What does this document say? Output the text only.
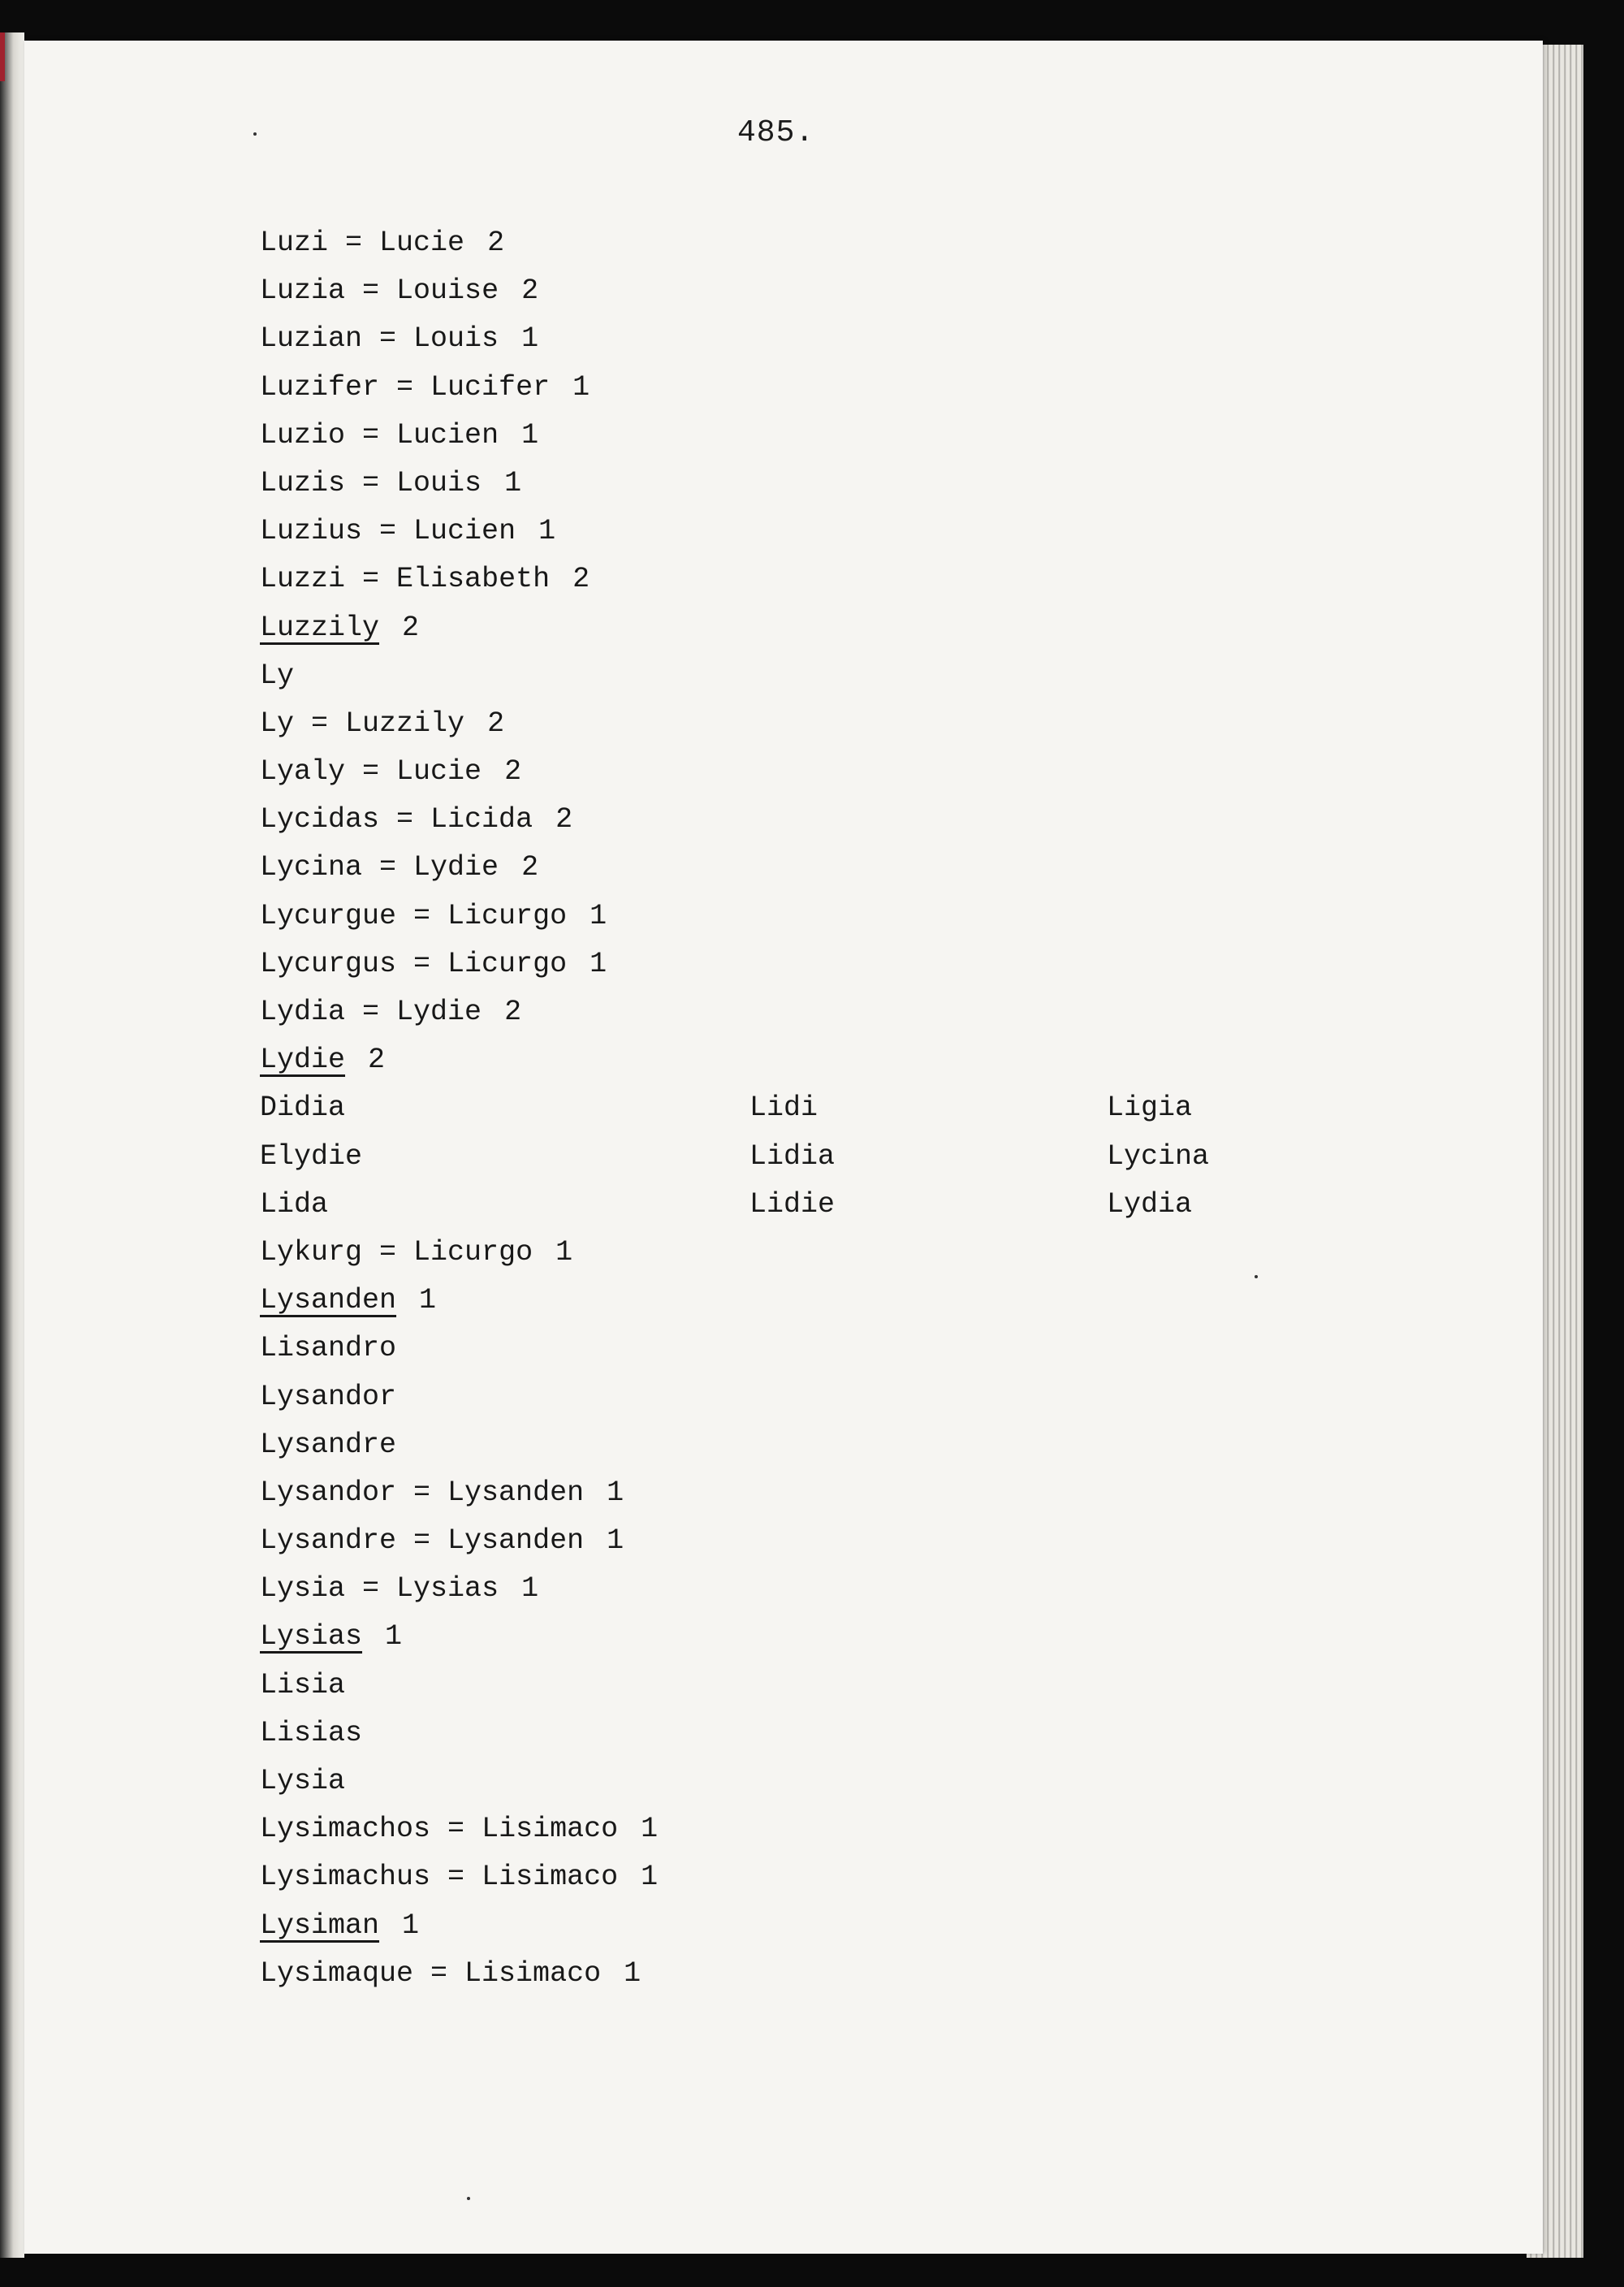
485.
Luzi = Lucie 2
Luzia = Louise 2
Luzian = Louis 1
Luzifer = Lucifer 1
Luzio = Lucien 1
Luzis = Louis 1
Luzius = Lucien 1
Luzzi = Elisabeth 2
Luzzily 2
Ly
Ly = Luzzily 2
Lyaly = Lucie 2
Lycidas = Licida 2
Lycina = Lydie 2
Lycurgue = Licurgo 1
Lycurgus = Licurgo 1
Lydia = Lydie 2
Lydie 2
Didia	Lidi	Ligia
Elydie	Lidia	Lycina
Lida	Lidie	Lydia
Lykurg = Licurgo 1
Lysanden 1
Lisandro
Lysandor
Lysandre
Lysandor = Lysanden 1
Lysandre = Lysanden 1
Lysia = Lysias 1
Lysias 1
Lisia
Lisias
Lysia
Lysimachos = Lisimaco 1
Lysimachus = Lisimaco 1
Lysiman 1
Lysimaque = Lisimaco 1
